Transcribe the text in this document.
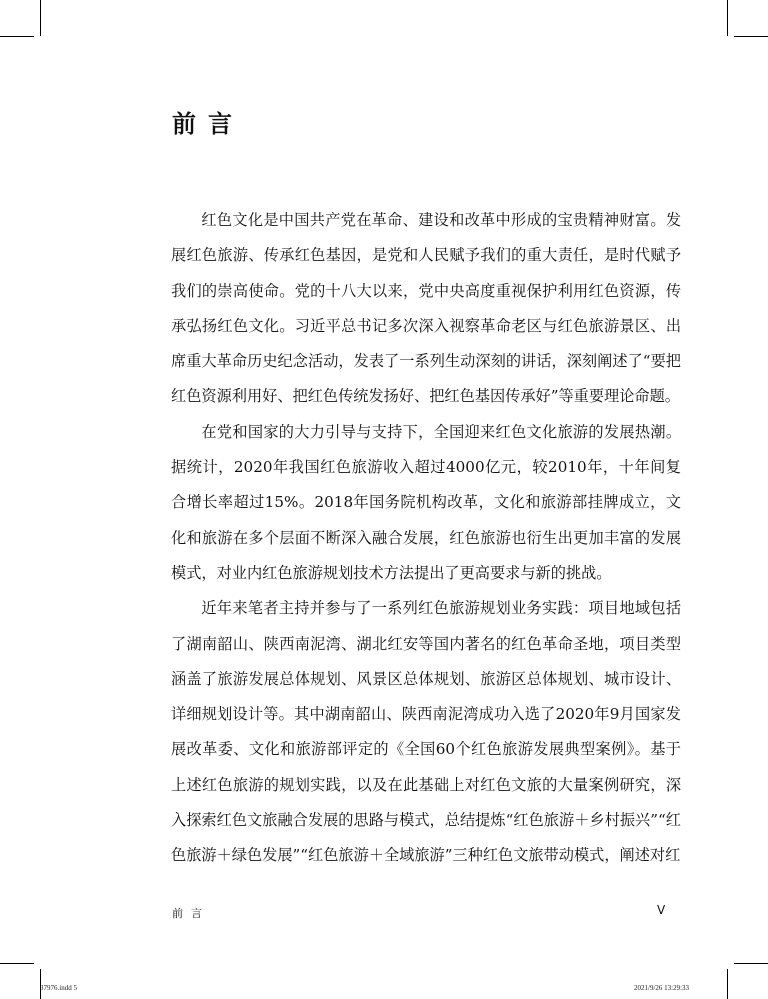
前言

红色文化是中国共产党在革命、建设和改革中形成的宝贵精神财富。发展红色旅游、传承红色基因，是党和人民赋予我们的重大责任，是时代赋予我们的崇高使命。党的十八大以来，党中央高度重视保护利用红色资源，传承弘扬红色文化。习近平总书记多次深入视察革命老区与红色旅游景区、出席重大革命历史纪念活动，发表了一系列生动深刻的讲话，深刻阐述了“要把红色资源利用好、把红色传统发扬好、把红色基因传承好”等重要理论命题。

在党和国家的大力引导与支持下，全国迎来红色文化旅游的发展热潮。据统计，2020年我国红色旅游收入超过4000亿元，较2010年，十年间复合增长率超过15%。2018年国务院机构改革，文化和旅游部挂牌成立，文化和旅游在多个层面不断深入融合发展，红色旅游也衍生出更加丰富的发展模式，对业内红色旅游规划技术方法提出了更高要求与新的挑战。

近年来笔者主持并参与了一系列红色旅游规划业务实践：项目地域包括了湖南韶山、陕西南泥湾、湖北红安等国内著名的红色革命圣地，项目类型涵盖了旅游发展总体规划、风景区总体规划、旅游区总体规划、城市设计、详细规划设计等。其中湖南韶山、陕西南泥湾成功入选了2020年9月国家发展改革委、文化和旅游部评定的《全国60个红色旅游发展典型案例》。基于上述红色旅游的规划实践，以及在此基础上对红色文旅的大量案例研究，深入探索红色文旅融合发展的思路与模式，总结提炼“红色旅游＋乡村振兴”“红色旅游＋绿色发展”“红色旅游＋全域旅游”三种红色文旅带动模式，阐述对红

前言	V
37976.indd 5	2021/9/26 13:29:33
